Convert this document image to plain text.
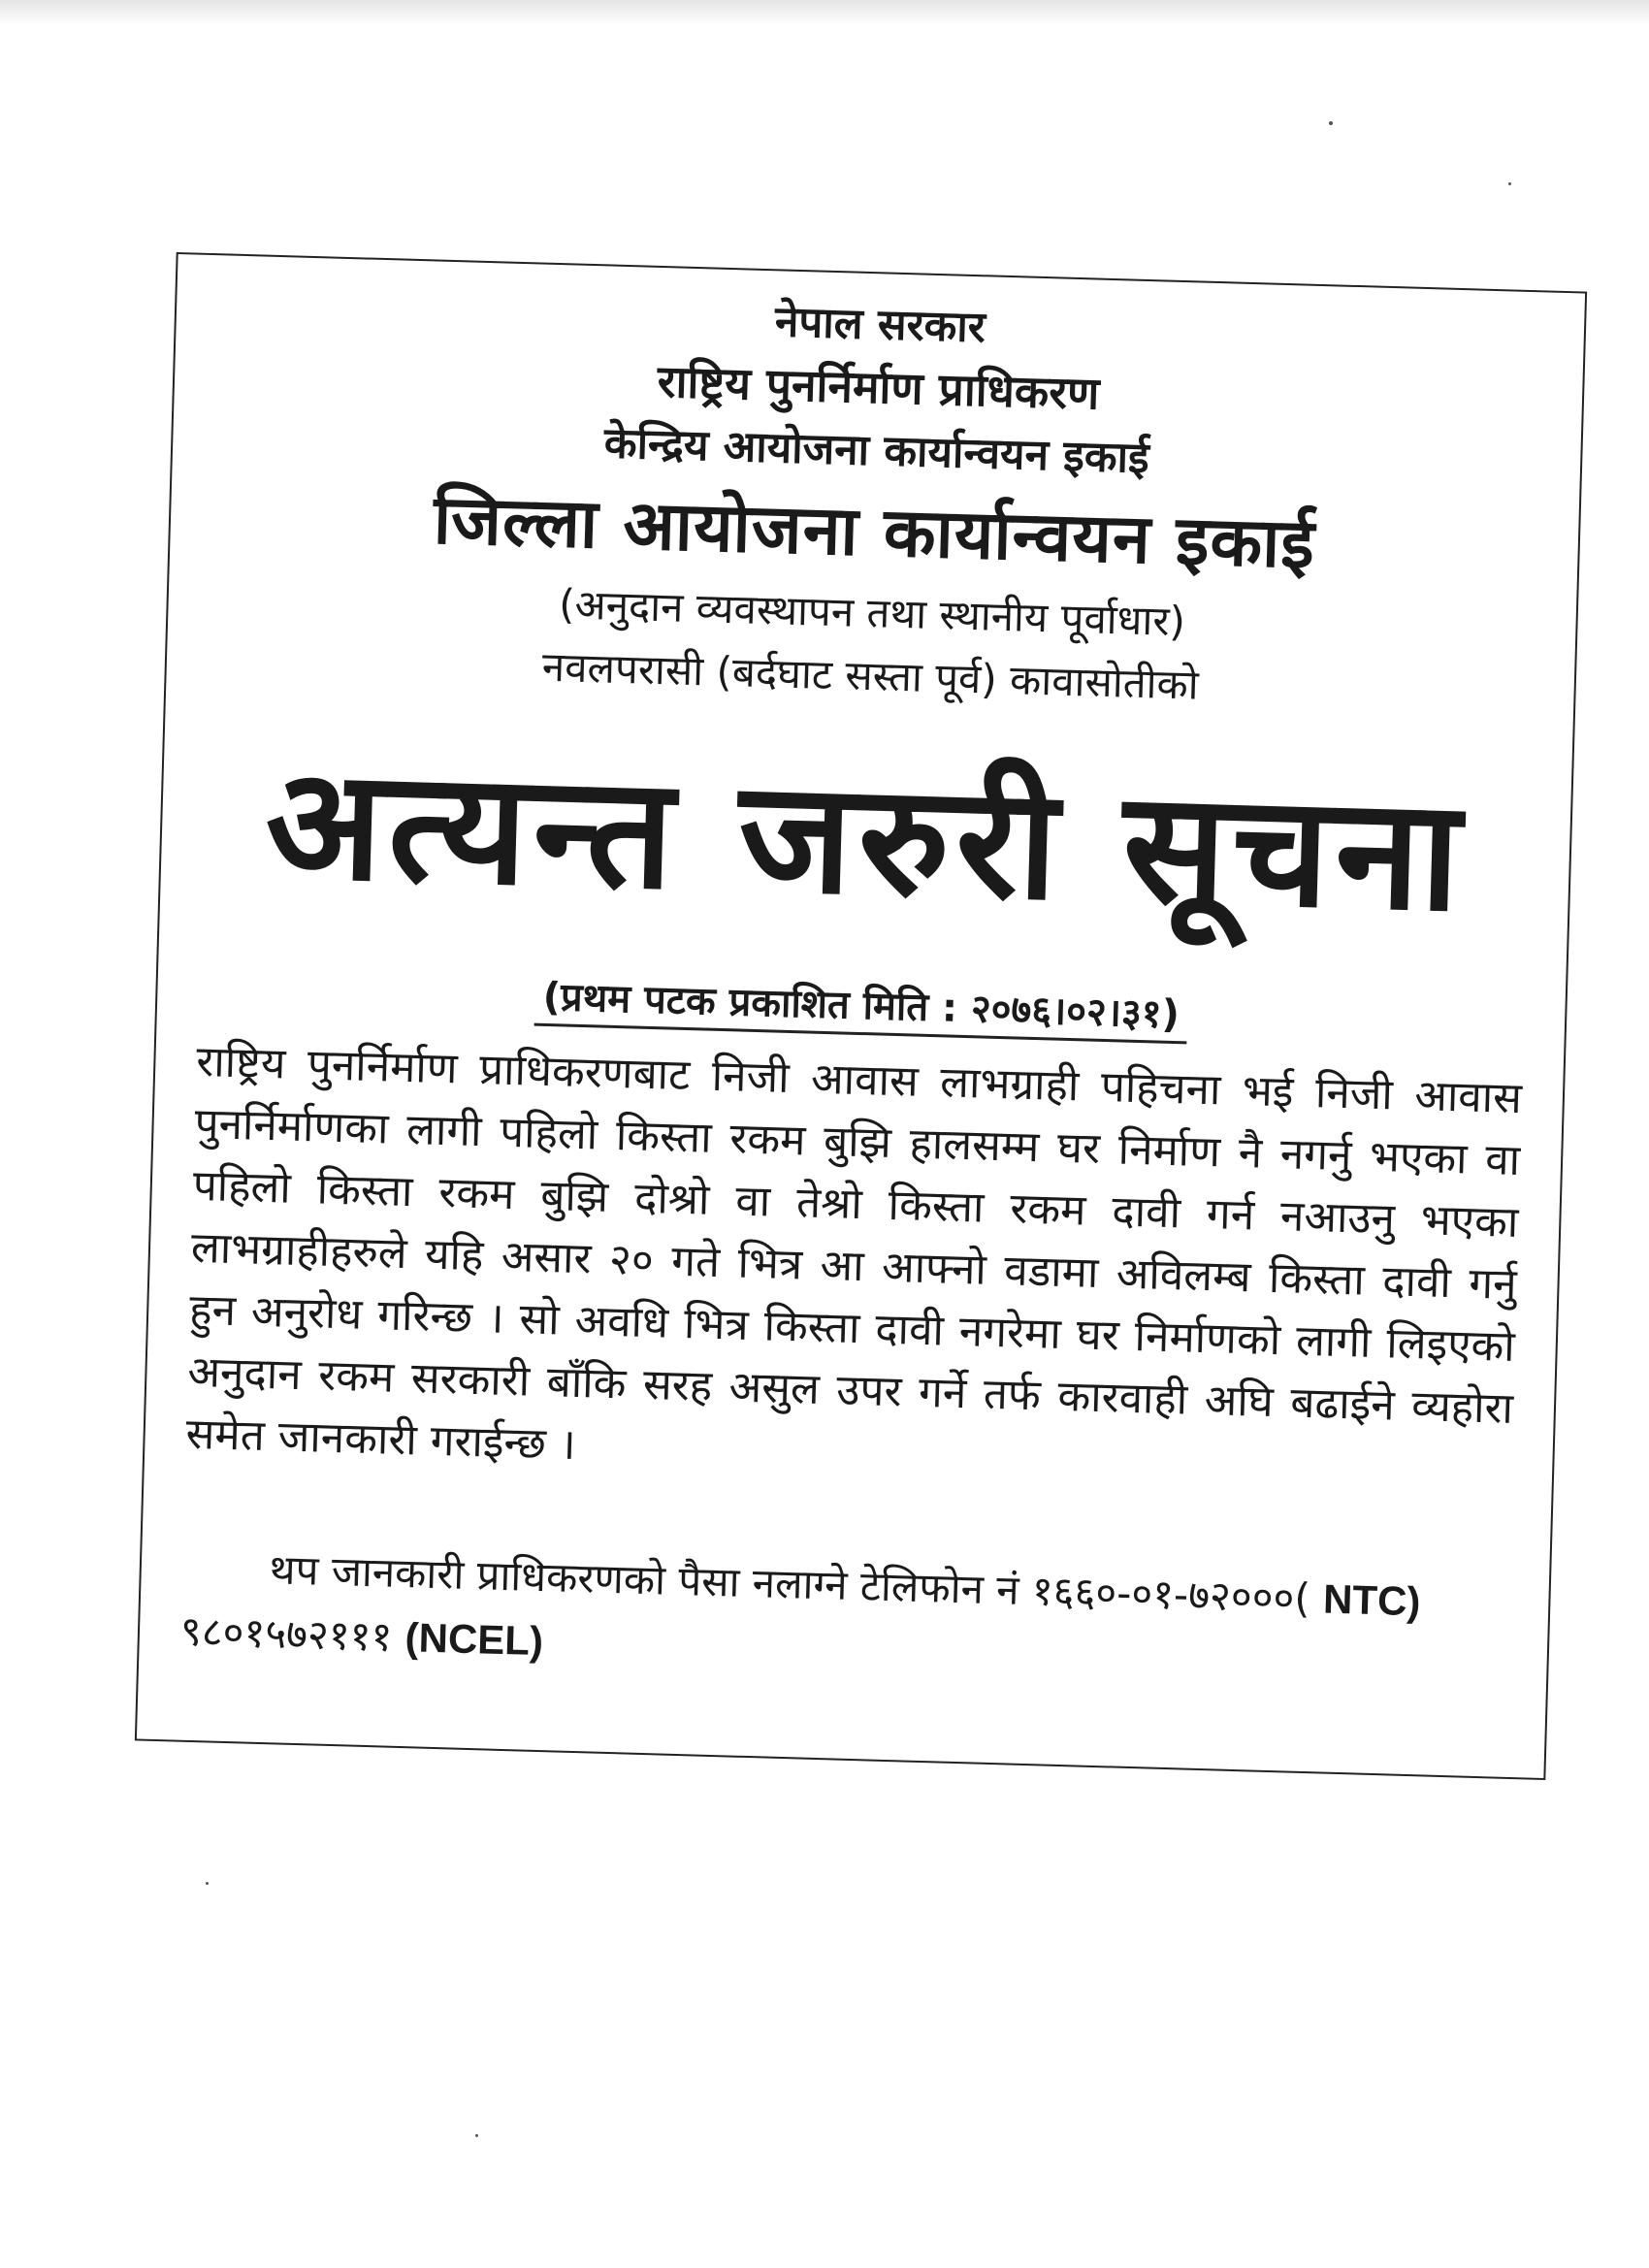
नेपाल सरकार
राष्ट्रिय पुनर्निर्माण प्राधिकरण
केन्द्रिय आयोजना कार्यान्वयन इकाई
जिल्ला आयोजना कार्यान्वयन इकाई
(अनुदान व्यवस्थापन तथा स्थानीय पूर्वाधार)
नवलपरासी (बर्दघाट सस्ता पूर्व) कावासोतीको
अत्यन्त जरुरी सूचना
(प्रथम पटक प्रकाशित मिति : २०७६।०२।३१)
राष्ट्रिय पुनर्निर्माण प्राधिकरणबाट निजी आवास लाभग्राही पहिचना भई निजी आवास पुनर्निर्माणका लागी पहिलो किस्ता रकम बुझि हालसम्म घर निर्माण नै नगर्नु भएका वा पहिलो किस्ता रकम बुझि दोश्रो वा तेश्रो किस्ता रकम दावी गर्न नआउनु भएका लाभग्राहीहरुले यहि असार २० गते भित्र आ आफ्नो वडामा अविलम्ब किस्ता दावी गर्नु हुन अनुरोध गरिन्छ । सो अवधि भित्र किस्ता दावी नगरेमा घर निर्माणको लागी लिइएको अनुदान रकम सरकारी बाँकि सरह असुल उपर गर्ने तर्फ कारवाही अघि बढाईने व्यहोरा समेत जानकारी गराईन्छ ।
थप जानकारी प्राधिकरणको पैसा नलाग्ने टेलिफोन नं १६६०-०१-७२०००( NTC) ९८०१५७२१११ (NCEL)
